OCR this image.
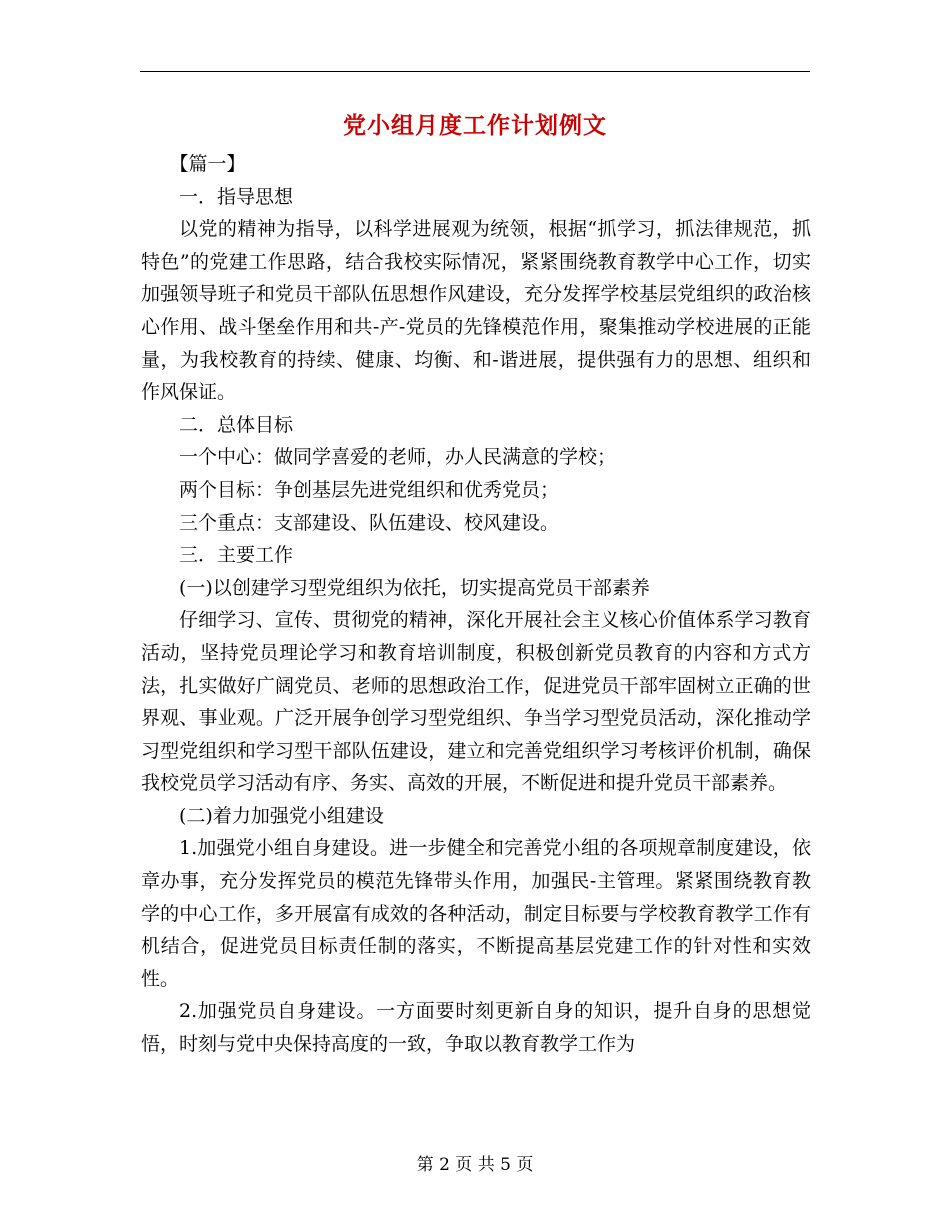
党小组月度工作计划例文

【篇一】

一．指导思想

以党的精神为指导，以科学进展观为统领，根据“抓学习，抓法律规范，抓特色”的党建工作思路，结合我校实际情况，紧紧围绕教育教学中心工作，切实加强领导班子和党员干部队伍思想作风建设，充分发挥学校基层党组织的政治核心作用、战斗堡垒作用和共-产-党员的先锋模范作用，聚集推动学校进展的正能量，为我校教育的持续、健康、均衡、和-谐进展，提供强有力的思想、组织和作风保证。

二．总体目标

一个中心：做同学喜爱的老师，办人民满意的学校；

两个目标：争创基层先进党组织和优秀党员；

三个重点：支部建设、队伍建设、校风建设。

三．主要工作

(一)以创建学习型党组织为依托，切实提高党员干部素养

仔细学习、宣传、贯彻党的精神，深化开展社会主义核心价值体系学习教育活动，坚持党员理论学习和教育培训制度，积极创新党员教育的内容和方式方法，扎实做好广阔党员、老师的思想政治工作，促进党员干部牢固树立正确的世界观、事业观。广泛开展争创学习型党组织、争当学习型党员活动，深化推动学习型党组织和学习型干部队伍建设，建立和完善党组织学习考核评价机制，确保我校党员学习活动有序、务实、高效的开展，不断促进和提升党员干部素养。

(二)着力加强党小组建设

1.加强党小组自身建设。进一步健全和完善党小组的各项规章制度建设，依章办事，充分发挥党员的模范先锋带头作用，加强民-主管理。紧紧围绕教育教学的中心工作，多开展富有成效的各种活动，制定目标要与学校教育教学工作有机结合，促进党员目标责任制的落实，不断提高基层党建工作的针对性和实效性。

2.加强党员自身建设。一方面要时刻更新自身的知识，提升自身的思想觉悟，时刻与党中央保持高度的一致，争取以教育教学工作为

第 2 页 共 5 页
